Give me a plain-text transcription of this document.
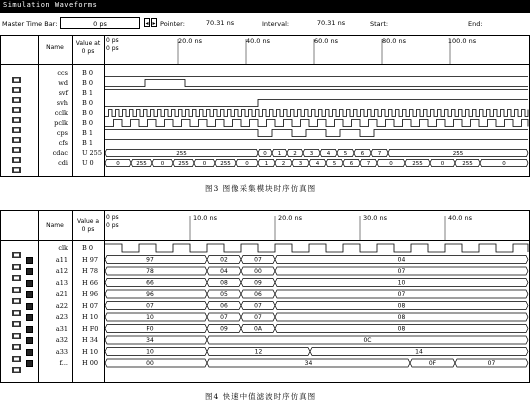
Simulation Waveforms
Master Time Bar:	0 ps	◂ ▸ Pointer:	70.31 ns	Interval:	70.31 ns	Start:	End:
Name
Value at
0 ps
0 ps
0 ps
ccs B 0
wd B 0
svf B 1
svh B 0
cclk B 0
pclk B 0
cps B 1
cfs B 1
cdac U 255
cdi U 0
20.0 ns	40.0 ns	60.0 ns	80.0 ns	100.0 ns
255	0 1 2 3 4 5 6 7	255
0	255	0	255	0	255	0	1 2 3 4 5 6 7	0	255	0	255	0
图3 图像采集模块时序仿真图
Name
Value a
0 ps
0 ps
0 ps
clk B 0
a11 H 97
a12 H 78
a13 H 66
a21 H 96
a22 H 07
a23 H 10
a31 H F0
a32 H 34
a33 H 10
f... H 00
10.0 ns	20.0 ns	30.0 ns	40.0 ns
97	02	07	04
78	04	00	07
66	08	09	10
96	05	06	07
07	06	07	08
10	07	07	08
F0	09	0A	08
34	0C
10	12	14
00	34	0F	07
图4 快速中值滤波时序仿真图
